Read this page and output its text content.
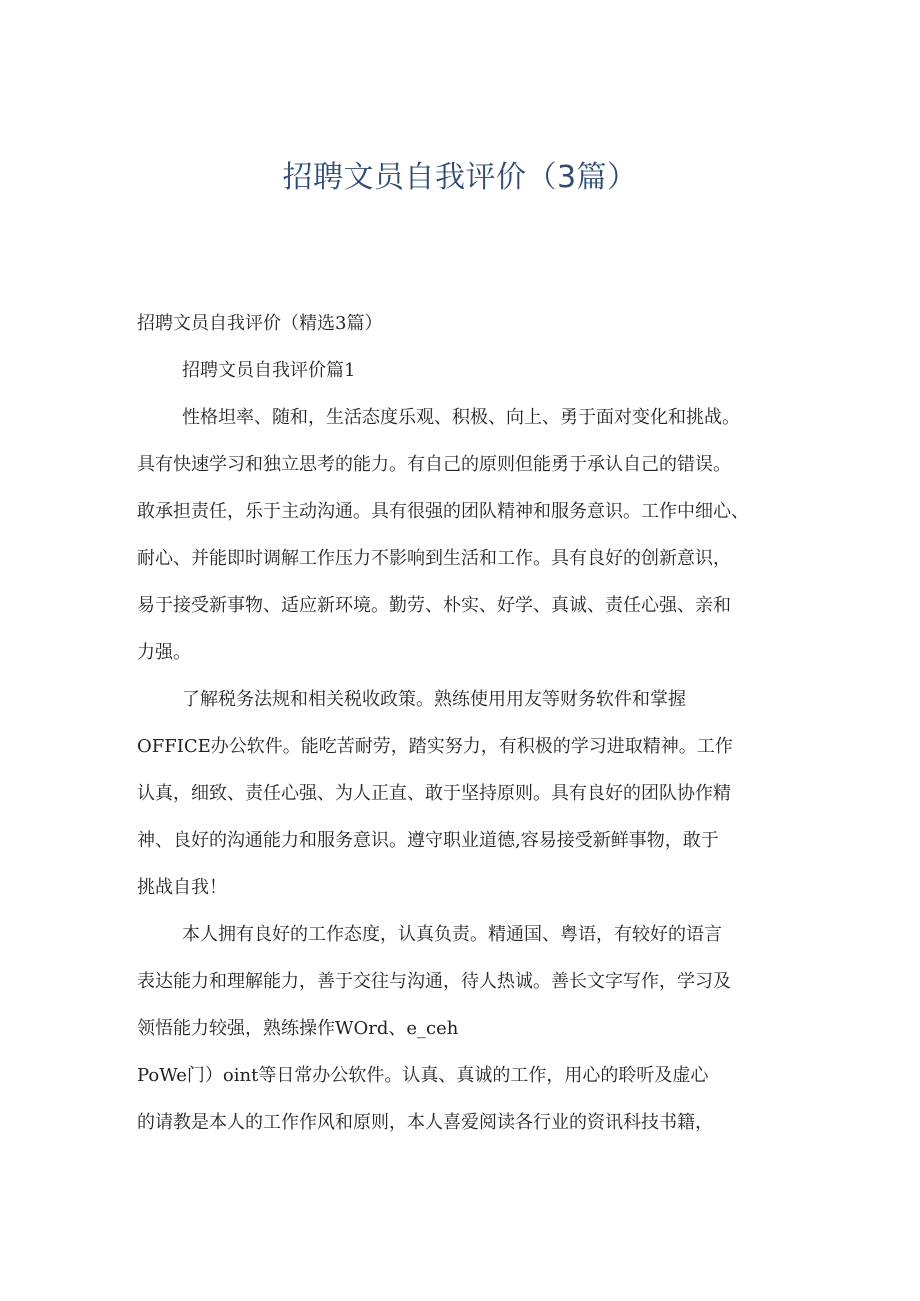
招聘文员自我评价（3篇）
招聘文员自我评价（精选3篇）
招聘文员自我评价篇1
性格坦率、随和，生活态度乐观、积极、向上、勇于面对变化和挑战。
具有快速学习和独立思考的能力。有自己的原则但能勇于承认自己的错误。
敢承担责任，乐于主动沟通。具有很强的团队精神和服务意识。工作中细心、
耐心、并能即时调解工作压力不影响到生活和工作。具有良好的创新意识，
易于接受新事物、适应新环境。勤劳、朴实、好学、真诚、责任心强、亲和
力强。
了解税务法规和相关税收政策。熟练使用用友等财务软件和掌握
OFFICE办公软件。能吃苦耐劳，踏实努力，有积极的学习进取精神。工作
认真，细致、责任心强、为人正直、敢于坚持原则。具有良好的团队协作精
神、良好的沟通能力和服务意识。遵守职业道德,容易接受新鲜事物，敢于
挑战自我！
本人拥有良好的工作态度，认真负责。精通国、粤语，有较好的语言
表达能力和理解能力，善于交往与沟通，待人热诚。善长文字写作，学习及
领悟能力较强，熟练操作WOrd、e_ceh
PoWe门）oint等日常办公软件。认真、真诚的工作，用心的聆听及虚心
的请教是本人的工作作风和原则，本人喜爱阅读各行业的资讯科技书籍，
